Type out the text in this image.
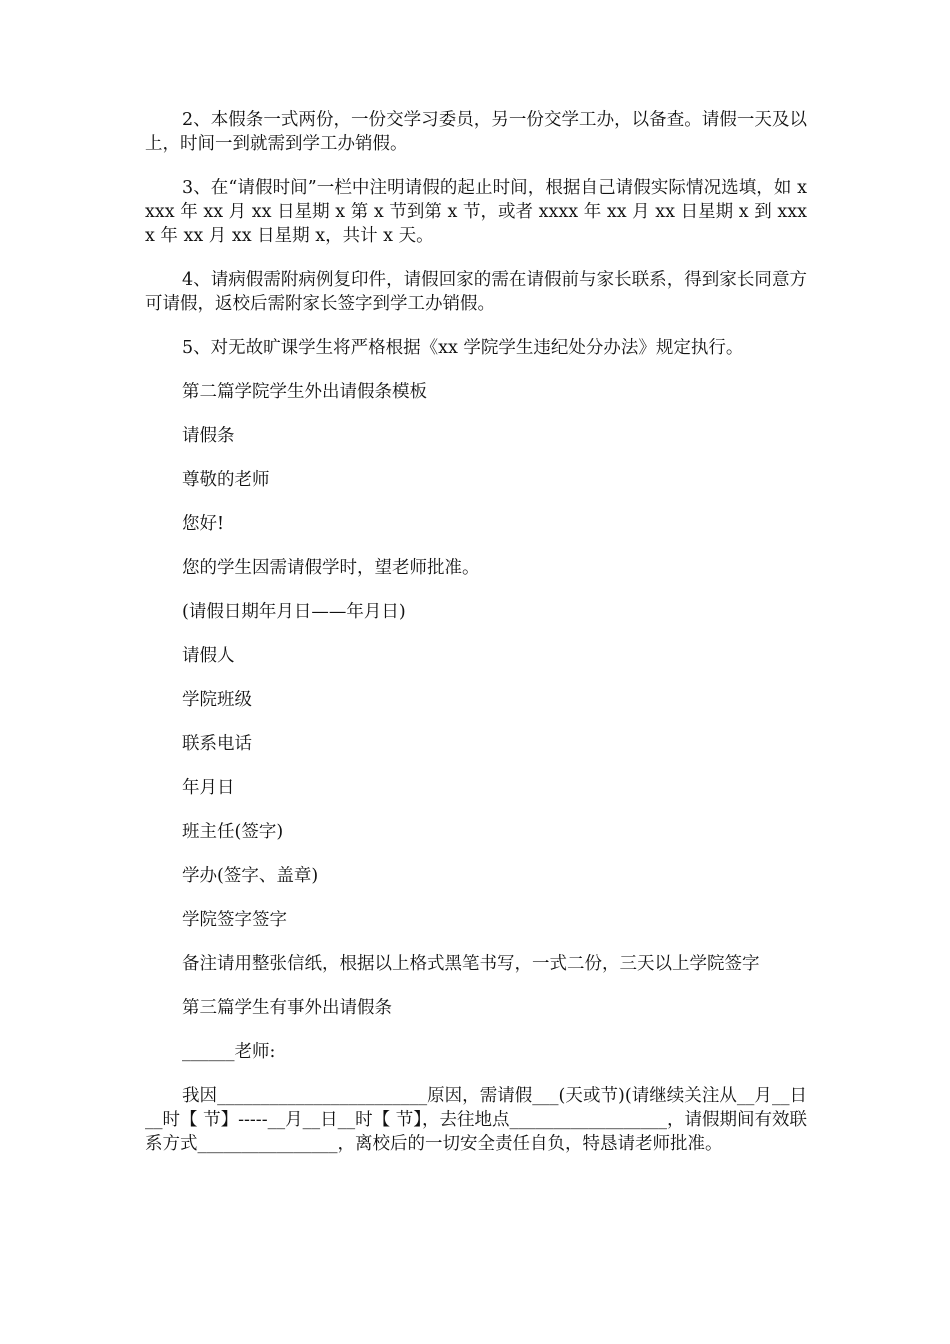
2、本假条一式两份，一份交学习委员，另一份交学工办，以备查。请假一天及以上，时间一到就需到学工办销假。

3、在“请假时间”一栏中注明请假的起止时间，根据自己请假实际情况选填，如 xxxx 年 xx 月 xx 日星期 x 第 x 节到第 x 节，或者 xxxx 年 xx 月 xx 日星期 x 到 xxxx 年 xx 月 xx 日星期 x，共计 x 天。

4、请病假需附病例复印件，请假回家的需在请假前与家长联系，得到家长同意方可请假，返校后需附家长签字到学工办销假。

5、对无故旷课学生将严格根据《xx 学院学生违纪处分办法》规定执行。

第二篇学院学生外出请假条模板

请假条

尊敬的老师

您好!

您的学生因需请假学时，望老师批准。

(请假日期年月日——年月日)

请假人

学院班级

联系电话

年月日

班主任(签字)

学办(签字、盖章)

学院签字签字

备注请用整张信纸，根据以上格式黑笔书写，一式二份，三天以上学院签字

第三篇学生有事外出请假条

______老师:

我因________________________原因，需请假___(天或节)(请继续关注从__月__日__时【 节】-----__月__日__时【 节】，去往地点__________________，请假期间有效联系方式________________，离校后的一切安全责任自负，特恳请老师批准。
